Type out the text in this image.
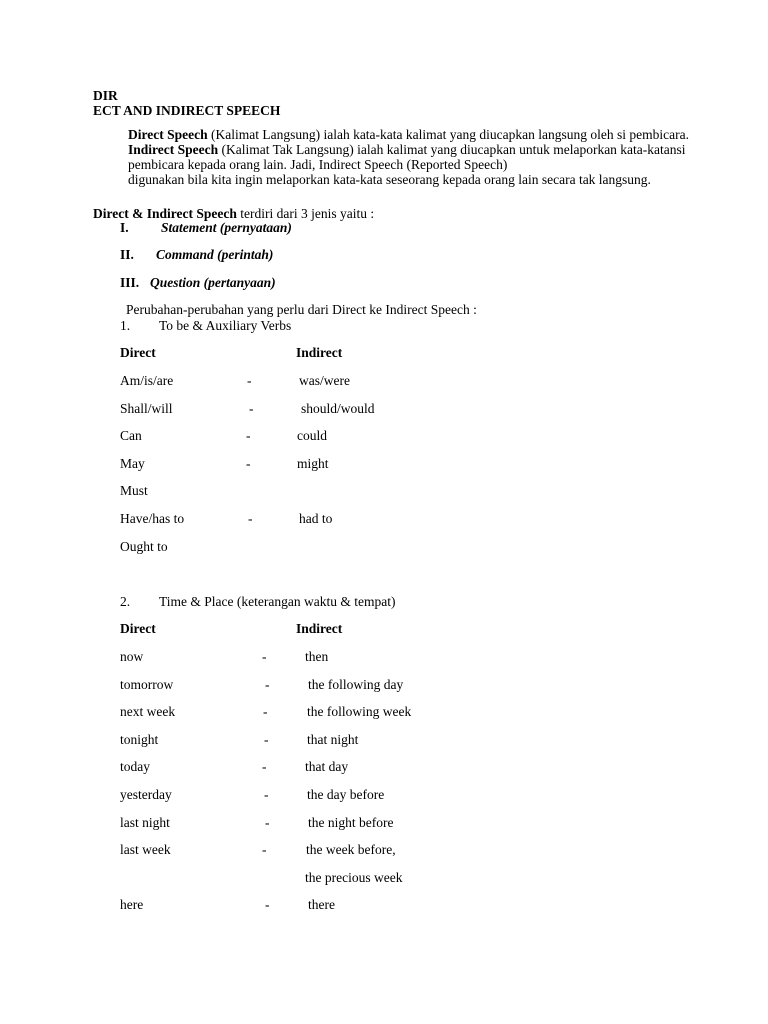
DIR
ECT AND INDIRECT SPEECH
Direct Speech (Kalimat Langsung) ialah kata-kata kalimat yang diucapkan langsung oleh si pembicara.
Indirect Speech (Kalimat Tak Langsung) ialah kalimat yang diucapkan untuk melaporkan kata-katansi
pembicara kepada orang lain. Jadi, Indirect Speech (Reported Speech)
digunakan bila kita ingin melaporkan kata-kata seseorang kepada orang lain secara tak langsung.
Direct & Indirect Speech terdiri dari 3 jenis yaitu :
I. Statement (pernyataan)
II. Command (perintah)
III. Question (pertanyaan)
Perubahan-perubahan yang perlu dari Direct ke Indirect Speech :
1. To be & Auxiliary Verbs
Direct	Indirect
Am/is/are	-	was/were
Shall/will	-	should/would
Can	-	could
May	-	might
Must
Have/has to	-	had to
Ought to
2. Time & Place (keterangan waktu & tempat)
Direct	Indirect
now	-	then
tomorrow	-	the following day
next week	-	the following week
tonight	-	that night
today	-	that day
yesterday	-	the day before
last night	-	the night before
last week	-	the week before,
the precious week
here	-	there
